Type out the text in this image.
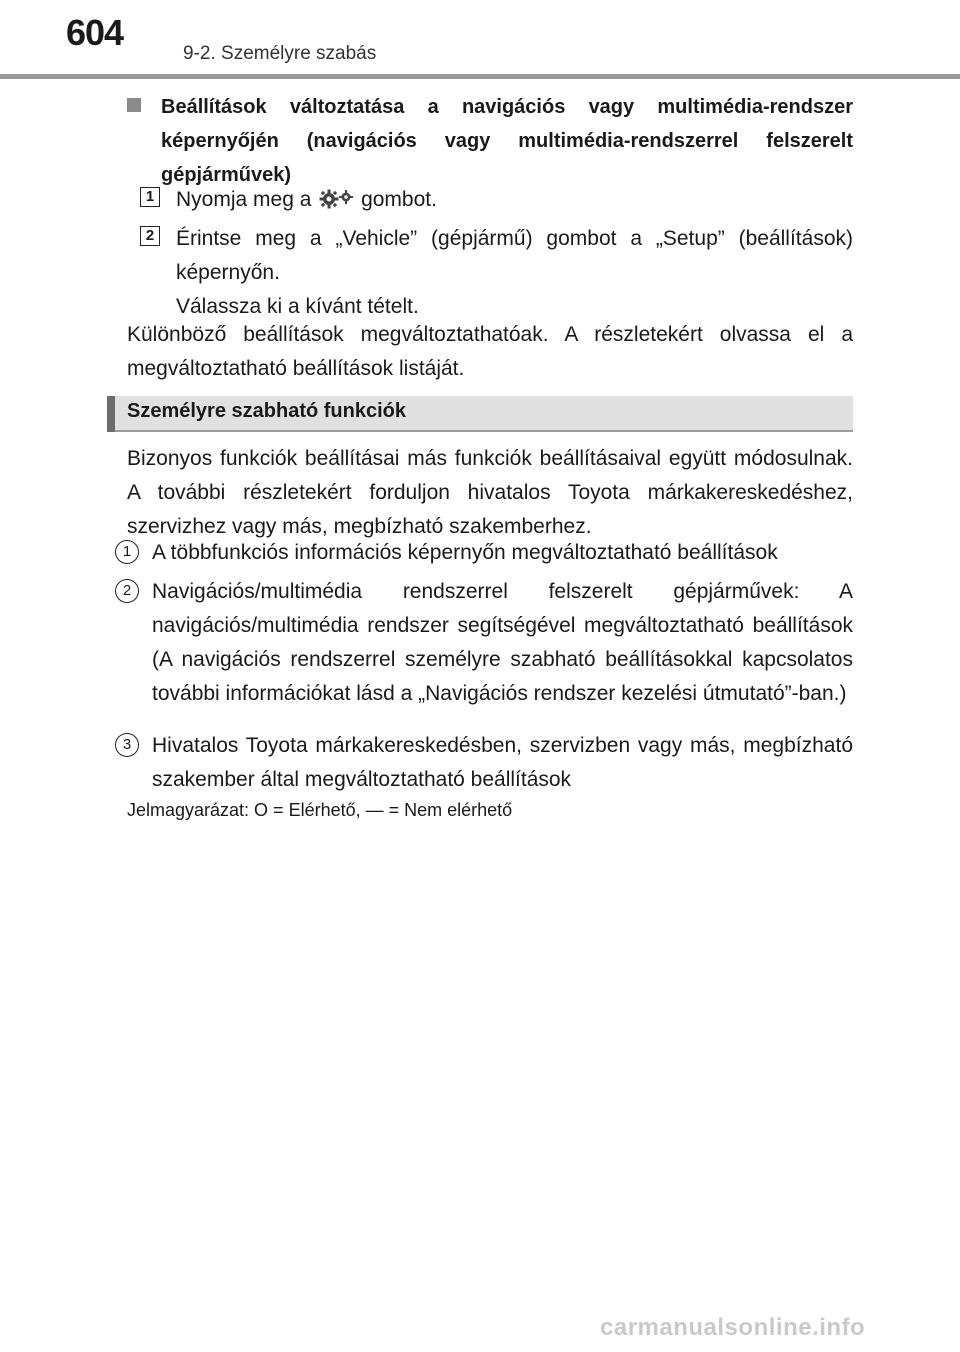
604
9-2. Személyre szabás
Beállítások változtatása a navigációs vagy multimédia-rendszer képernyőjén (navigációs vagy multimédia-rendszerrel felszerelt gépjárművek)
1 Nyomja meg a gombot.
2 Érintse meg a „Vehicle” (gépjármű) gombot a „Setup” (beállítások) képernyőn.
Válassza ki a kívánt tételt.
Különböző beállítások megváltoztathatóak. A részletekért olvassa el a megváltoztatható beállítások listáját.
Személyre szabható funkciók
Bizonyos funkciók beállításai más funkciók beállításaival együtt módosulnak. A további részletekért forduljon hivatalos Toyota márkakereskedéshez, szervizhez vagy más, megbízható szakemberhez.
1 A többfunkciós információs képernyőn megváltoztatható beállítások
2 Navigációs/multimédia rendszerrel felszerelt gépjárművek: A navigációs/multimédia rendszer segítségével megváltoztatható beállítások (A navigációs rendszerrel személyre szabható beállításokkal kapcsolatos további információkat lásd a „Navigációs rendszer kezelési útmutató”-ban.)
3 Hivatalos Toyota márkakereskedésben, szervizben vagy más, megbízható szakember által megváltoztatható beállítások
Jelmagyarázat: O = Elérhető, — = Nem elérhető
carmanualsonline.info
